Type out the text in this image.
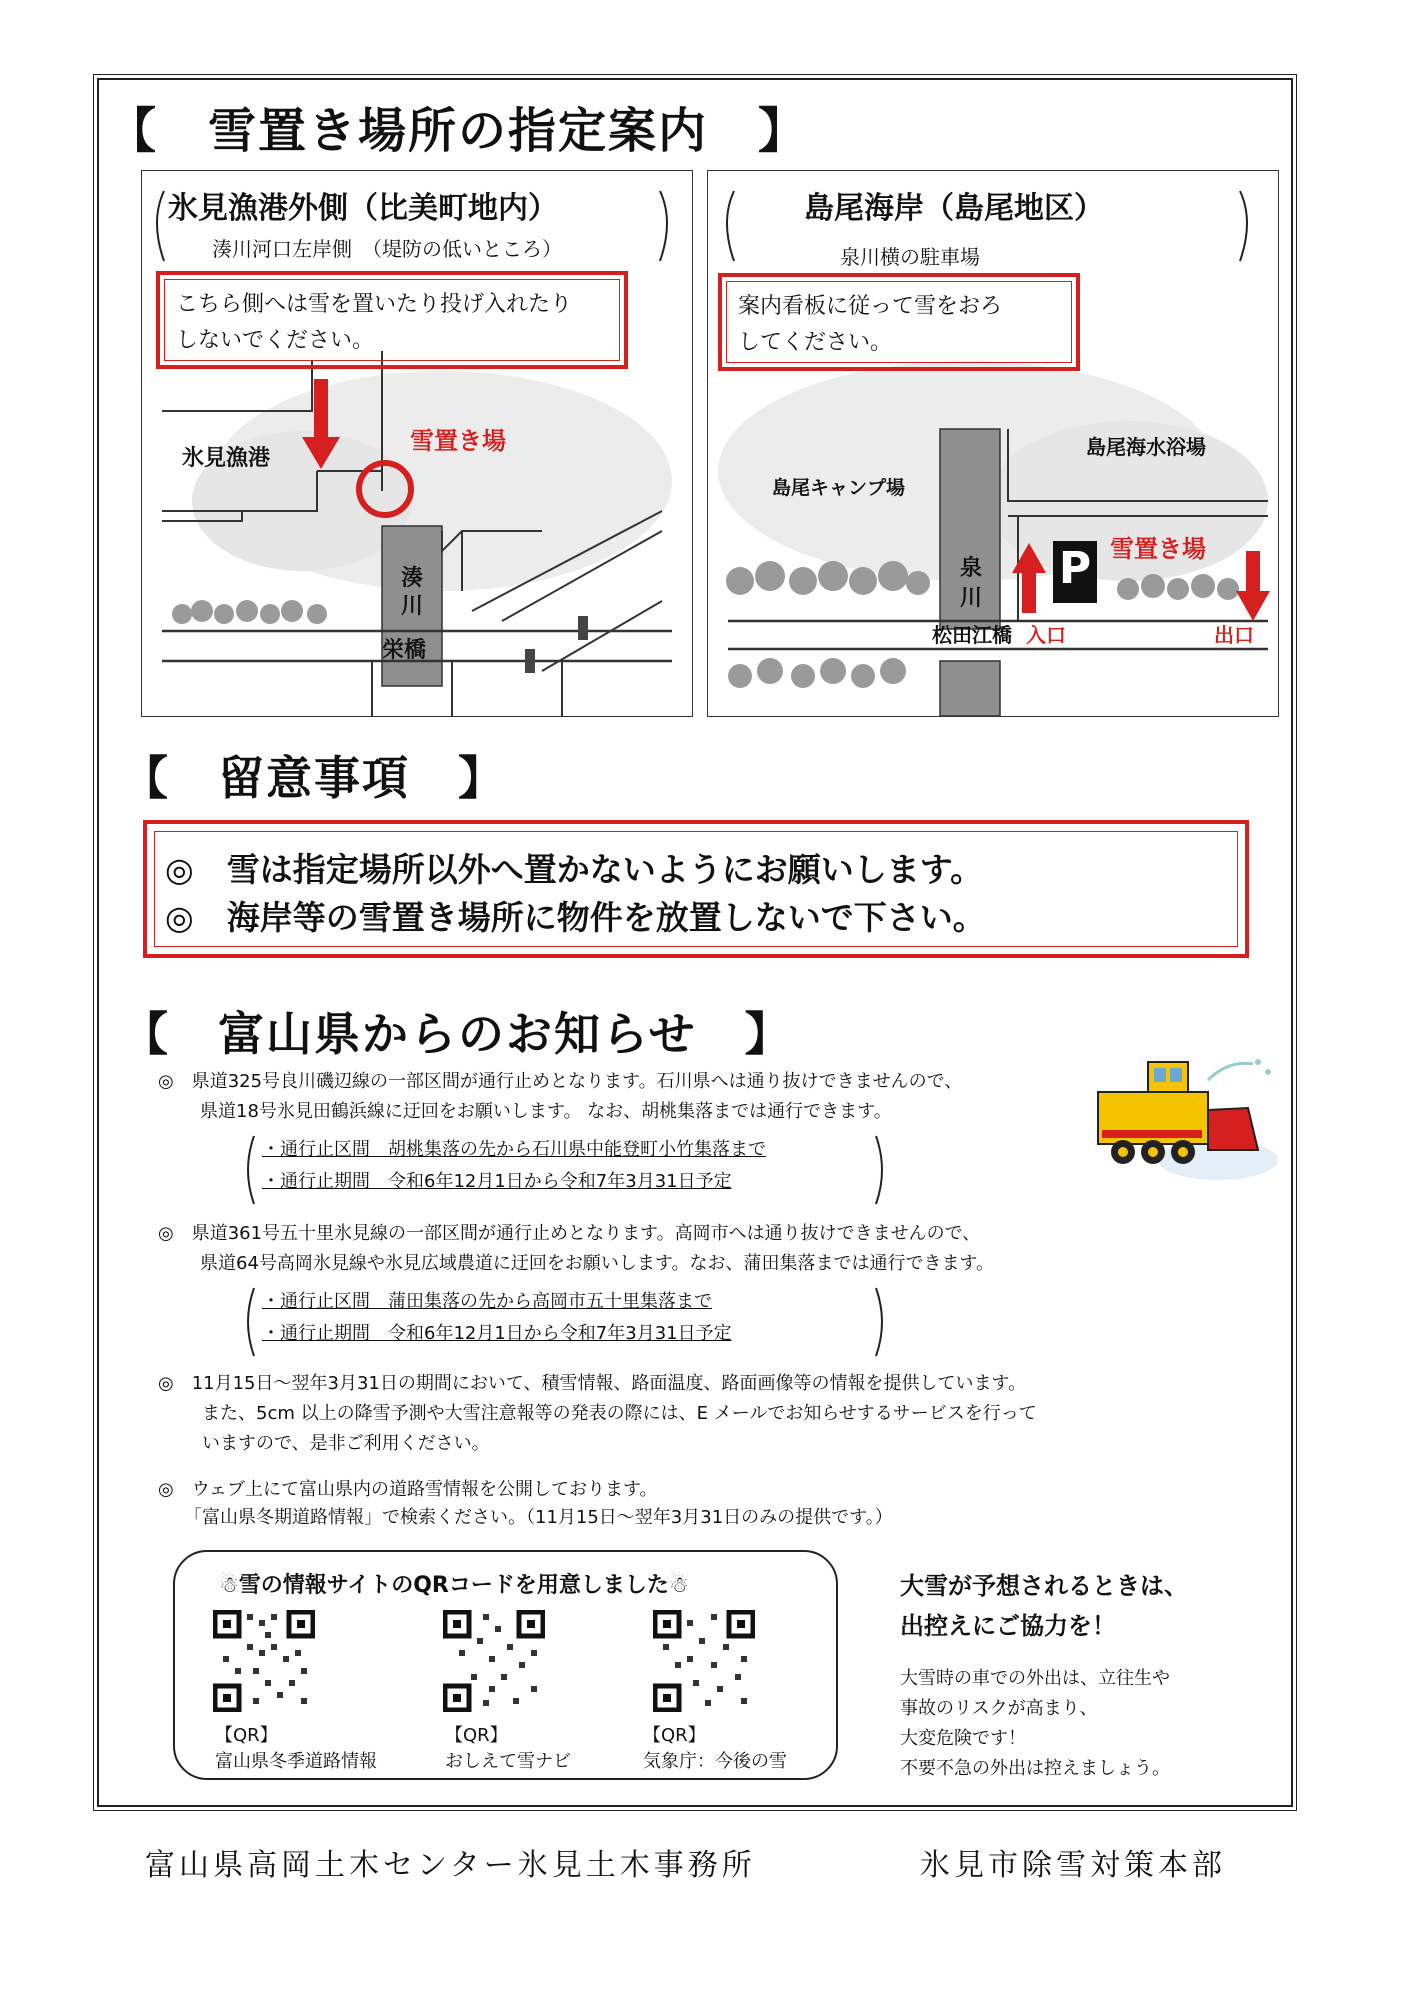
【　雪置き場所の指定案内　】
氷見漁港外側（比美町地内）
湊川河口左岸側　（堤防の低いところ）
こちら側へは雪を置いたり投げ入れたり
しないでください。
氷見漁港
雪置き場
湊
川
栄橋
島尾海岸（島尾地区）
泉川横の駐車場
案内看板に従って雪をおろ
してください。
島尾海水浴場
島尾キャンプ場
泉
川
P 雪置き場
松田江橋 入口	出口
【　留意事項　】
◎　雪は指定場所以外へ置かないようにお願いします。
◎　海岸等の雪置き場所に物件を放置しないで下さい。
【　富山県からのお知らせ　】
◎　県道325号良川磯辺線の一部区間が通行止めとなります。石川県へは通り抜けできませんので、
県道18号氷見田鶴浜線に迂回をお願いします。 なお、胡桃集落までは通行できます。
・通行止区間　胡桃集落の先から石川県中能登町小竹集落まで
・通行止期間　令和6年12月1日から令和7年3月31日予定
◎　県道361号五十里氷見線の一部区間が通行止めとなります。高岡市へは通り抜けできませんので、
県道64号高岡氷見線や氷見広域農道に迂回をお願いします。なお、蒲田集落までは通行できます。
・通行止区間　蒲田集落の先から高岡市五十里集落まで
・通行止期間　令和6年12月1日から令和7年3月31日予定
◎　11月15日～翌年3月31日の期間において、積雪情報、路面温度、路面画像等の情報を提供しています。
また、5cm 以上の降雪予測や大雪注意報等の発表の際には、E メールでお知らせするサービスを行って
いますので、是非ご利用ください。
◎　ウェブ上にて富山県内の道路雪情報を公開しております。
「富山県冬期道路情報」で検索ください。（11月15日～翌年3月31日のみの提供です。）
☃雪の情報サイトのQRコードを用意しました☃
【QR】
富山県冬季道路情報
【QR】
おしえて雪ナビ
【QR】
気象庁：今後の雪
大雪が予想されるときは、
出控えにご協力を！
大雪時の車での外出は、立往生や
事故のリスクが高まり、
大変危険です！
不要不急の外出は控えましょう。
富山県高岡土木センター氷見土木事務所	氷見市除雪対策本部
